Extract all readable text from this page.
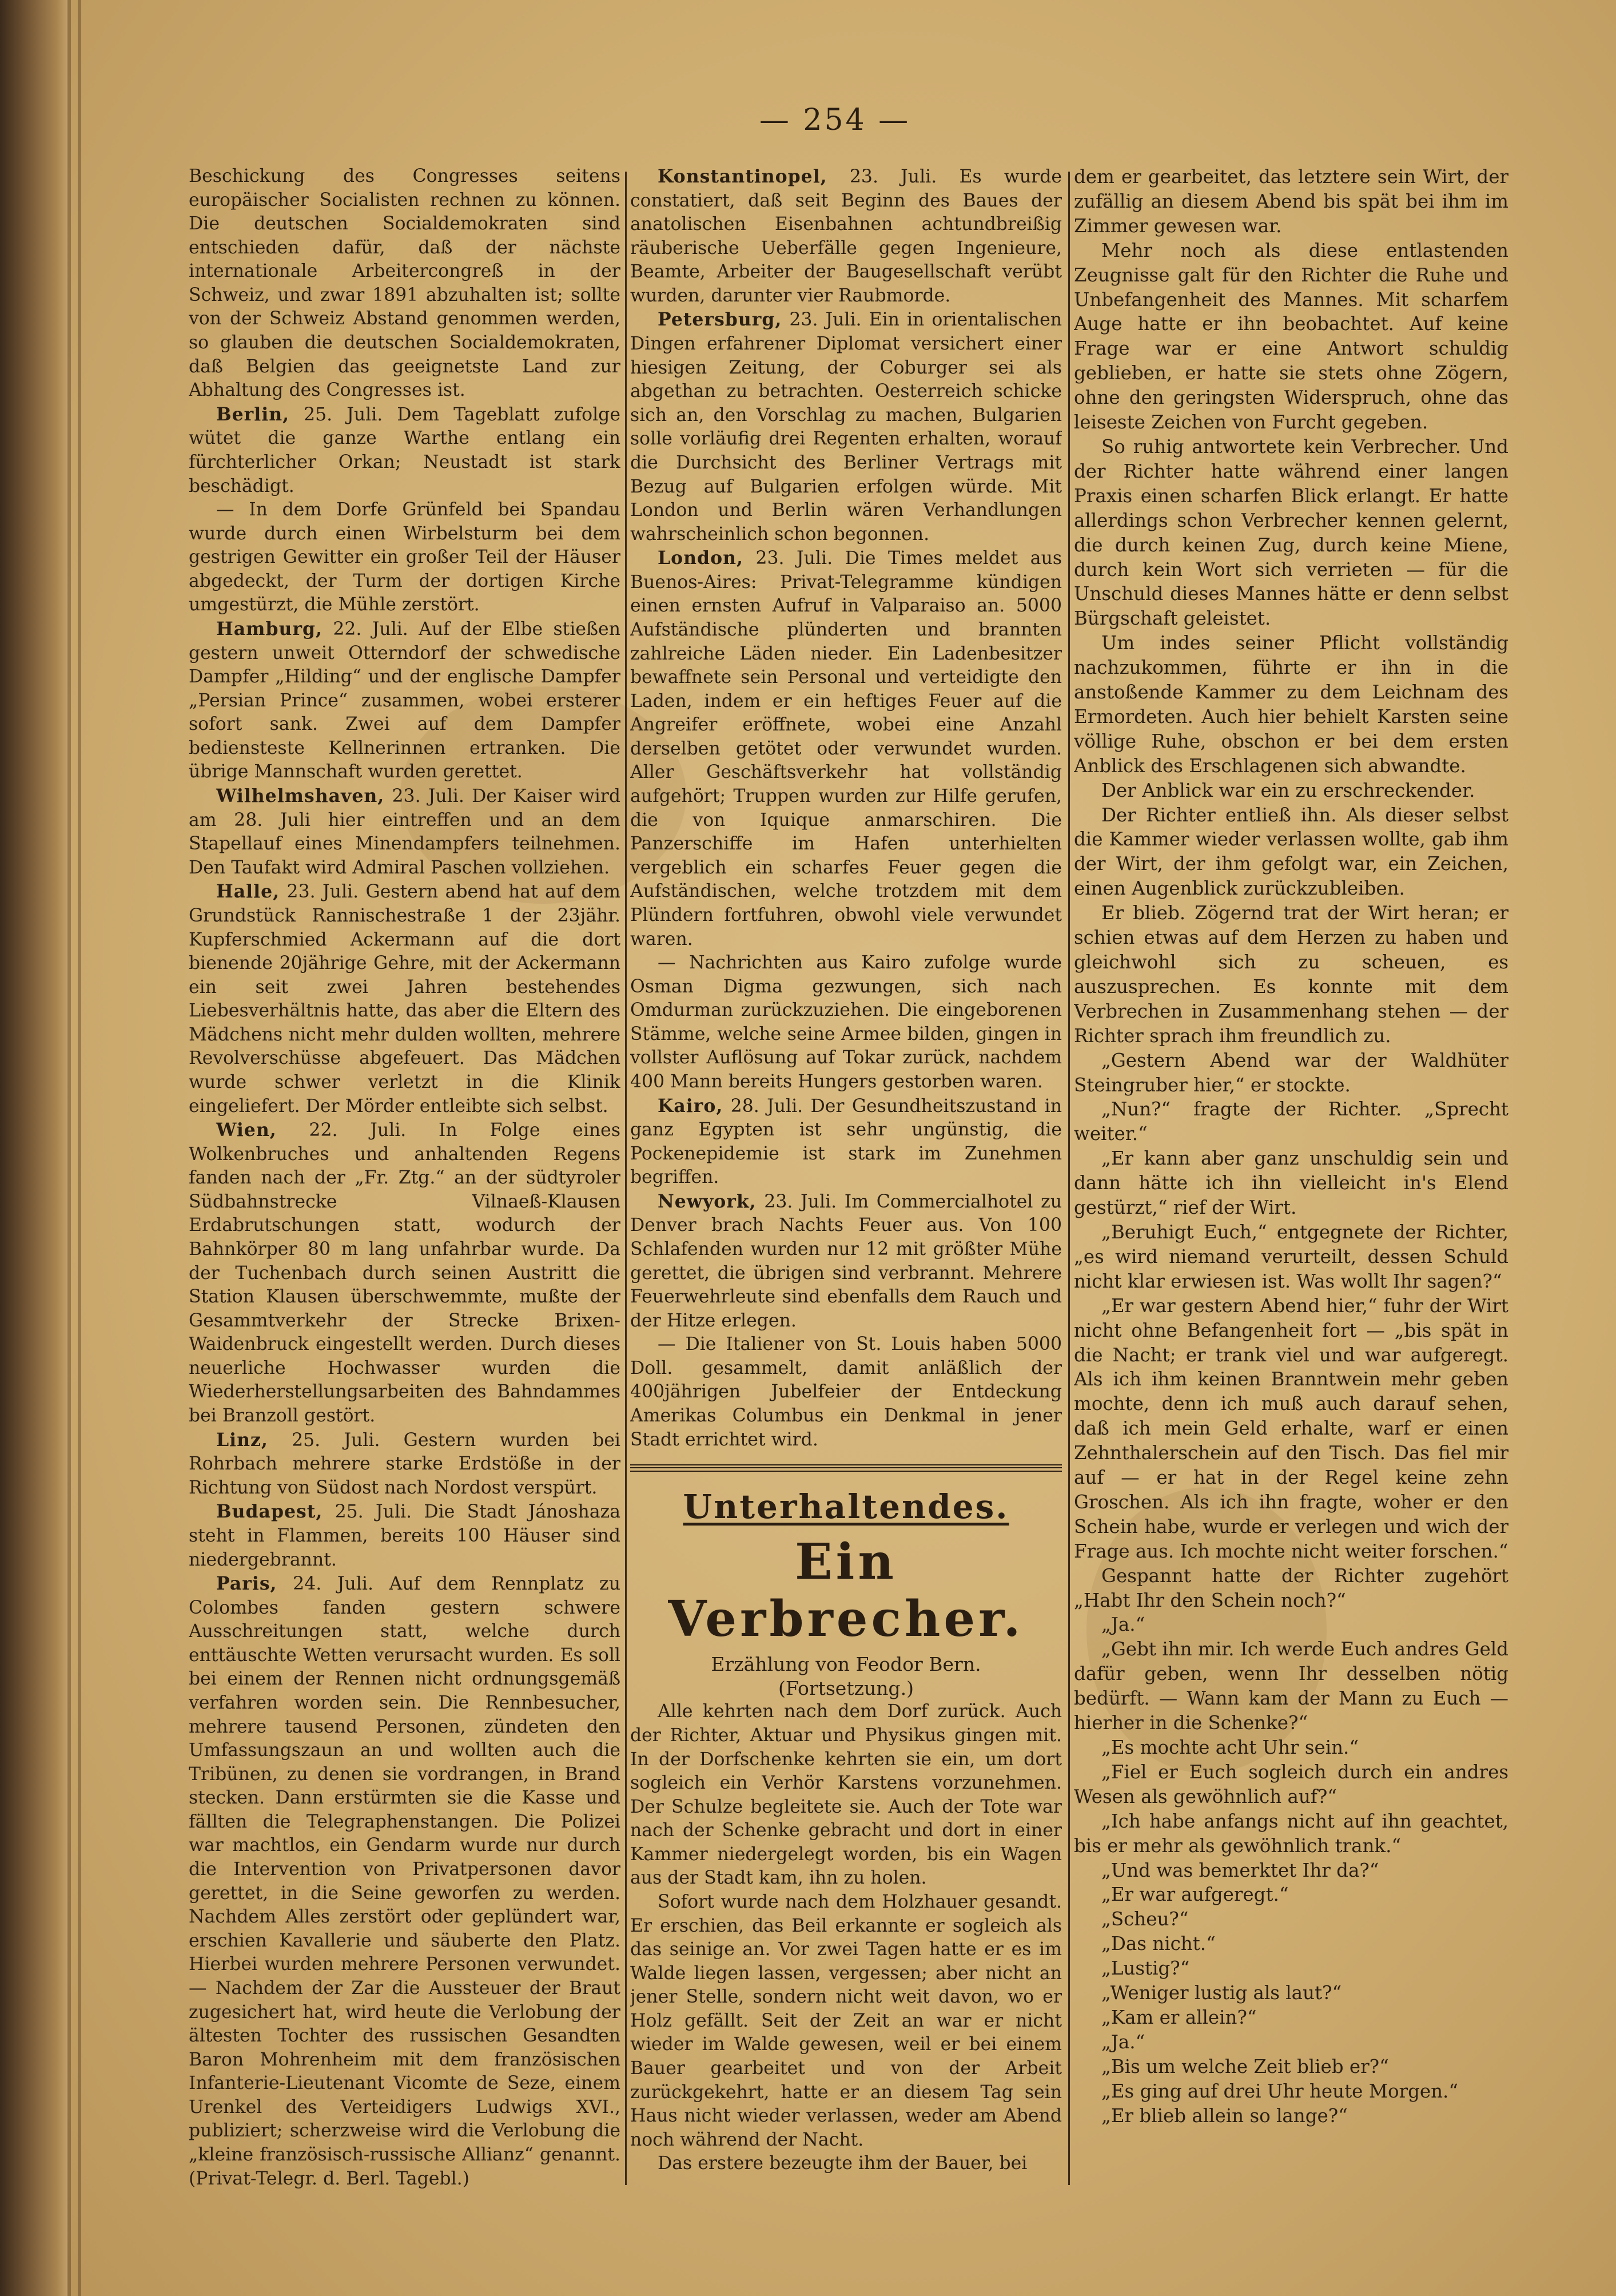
— 254 —

Beschickung des Congresses seitens europäischer Socialisten rechnen zu können. Die deutschen Socialdemokraten sind entschieden dafür, daß der nächste internationale Arbeitercongreß in der Schweiz, und zwar 1891 abzuhalten ist; sollte von der Schweiz Abstand genommen werden, so glauben die deutschen Socialdemokraten, daß Belgien das geeignetste Land zur Abhaltung des Congresses ist.

Berlin, 25. Juli. Dem Tageblatt zufolge wütet die ganze Warthe entlang ein fürchterlicher Orkan; Neustadt ist stark beschädigt.

— In dem Dorfe Grünfeld bei Spandau wurde durch einen Wirbelsturm bei dem gestrigen Gewitter ein großer Teil der Häuser abgedeckt, der Turm der dortigen Kirche umgestürzt, die Mühle zerstört.

Hamburg, 22. Juli. Auf der Elbe stießen gestern unweit Otterndorf der schwedische Dampfer „Hilding“ und der englische Dampfer „Persian Prince“ zusammen, wobei ersterer sofort sank. Zwei auf dem Dampfer bediensteste Kellnerinnen ertranken. Die übrige Mannschaft wurden gerettet.

Wilhelmshaven, 23. Juli. Der Kaiser wird am 28. Juli hier eintreffen und an dem Stapellauf eines Minendampfers teilnehmen. Den Taufakt wird Admiral Paschen vollziehen.

Halle, 23. Juli. Gestern abend hat auf dem Grundstück Rannischestraße 1 der 23jähr. Kupferschmied Ackermann auf die dort bienende 20jährige Gehre, mit der Ackermann ein seit zwei Jahren bestehendes Liebesverhältnis hatte, das aber die Eltern des Mädchens nicht mehr dulden wollten, mehrere Revolverschüsse abgefeuert. Das Mädchen wurde schwer verletzt in die Klinik eingeliefert. Der Mörder entleibte sich selbst.

Wien, 22. Juli. In Folge eines Wolkenbruches und anhaltenden Regens fanden nach der „Fr. Ztg.“ an der südtyroler Südbahnstrecke Vilnaeß-Klausen Erdabrutschungen statt, wodurch der Bahnkörper 80 m lang unfahrbar wurde. Da der Tuchenbach durch seinen Austritt die Station Klausen überschwemmte, mußte der Gesammtverkehr der Strecke Brixen-Waidenbruck eingestellt werden. Durch dieses neuerliche Hochwasser wurden die Wiederherstellungsarbeiten des Bahndammes bei Branzoll gestört.

Linz, 25. Juli. Gestern wurden bei Rohrbach mehrere starke Erdstöße in der Richtung von Südost nach Nordost verspürt.

Budapest, 25. Juli. Die Stadt Jánoshaza steht in Flammen, bereits 100 Häuser sind niedergebrannt.

Paris, 24. Juli. Auf dem Rennplatz zu Colombes fanden gestern schwere Ausschreitungen statt, welche durch enttäuschte Wetten verursacht wurden. Es soll bei einem der Rennen nicht ordnungsgemäß verfahren worden sein. Die Rennbesucher, mehrere tausend Personen, zündeten den Umfassungszaun an und wollten auch die Tribünen, zu denen sie vordrangen, in Brand stecken. Dann erstürmten sie die Kasse und fällten die Telegraphenstangen. Die Polizei war machtlos, ein Gendarm wurde nur durch die Intervention von Privatpersonen davor gerettet, in die Seine geworfen zu werden. Nachdem Alles zerstört oder geplündert war, erschien Kavallerie und säuberte den Platz. Hierbei wurden mehrere Personen verwundet. — Nachdem der Zar die Aussteuer der Braut zugesichert hat, wird heute die Verlobung der ältesten Tochter des russischen Gesandten Baron Mohrenheim mit dem französischen Infanterie-Lieutenant Vicomte de Seze, einem Urenkel des Verteidigers Ludwigs XVI., publiziert; scherzweise wird die Verlobung die „kleine französisch-russische Allianz“ genannt. (Privat-Telegr. d. Berl. Tagebl.)

Konstantinopel, 23. Juli. Es wurde constatiert, daß seit Beginn des Baues der anatolischen Eisenbahnen achtundbreißig räuberische Ueberfälle gegen Ingenieure, Beamte, Arbeiter der Baugesellschaft verübt wurden, darunter vier Raubmorde.

Petersburg, 23. Juli. Ein in orientalischen Dingen erfahrener Diplomat versichert einer hiesigen Zeitung, der Coburger sei als abgethan zu betrachten. Oesterreich schicke sich an, den Vorschlag zu machen, Bulgarien solle vorläufig drei Regenten erhalten, worauf die Durchsicht des Berliner Vertrags mit Bezug auf Bulgarien erfolgen würde. Mit London und Berlin wären Verhandlungen wahrscheinlich schon begonnen.

London, 23. Juli. Die Times meldet aus Buenos-Aires: Privat-Telegramme kündigen einen ernsten Aufruf in Valparaiso an. 5000 Aufständische plünderten und brannten zahlreiche Läden nieder. Ein Ladenbesitzer bewaffnete sein Personal und verteidigte den Laden, indem er ein heftiges Feuer auf die Angreifer eröffnete, wobei eine Anzahl derselben getötet oder verwundet wurden. Aller Geschäftsverkehr hat vollständig aufgehört; Truppen wurden zur Hilfe gerufen, die von Iquique anmarschiren. Die Panzerschiffe im Hafen unterhielten vergeblich ein scharfes Feuer gegen die Aufständischen, welche trotzdem mit dem Plündern fortfuhren, obwohl viele verwundet waren.

— Nachrichten aus Kairo zufolge wurde Osman Digma gezwungen, sich nach Omdurman zurückzuziehen. Die eingeborenen Stämme, welche seine Armee bilden, gingen in vollster Auflösung auf Tokar zurück, nachdem 400 Mann bereits Hungers gestorben waren.

Kairo, 28. Juli. Der Gesundheitszustand in ganz Egypten ist sehr ungünstig, die Pockenepidemie ist stark im Zunehmen begriffen.

Newyork, 23. Juli. Im Commercialhotel zu Denver brach Nachts Feuer aus. Von 100 Schlafenden wurden nur 12 mit größter Mühe gerettet, die übrigen sind verbrannt. Mehrere Feuerwehrleute sind ebenfalls dem Rauch und der Hitze erlegen.

— Die Italiener von St. Louis haben 5000 Doll. gesammelt, damit anläßlich der 400jährigen Jubelfeier der Entdeckung Amerikas Columbus ein Denkmal in jener Stadt errichtet wird.

Unterhaltendes.
Ein Verbrecher.

Erzählung von Feodor Bern.

(Fortsetzung.)

Alle kehrten nach dem Dorf zurück. Auch der Richter, Aktuar und Physikus gingen mit. In der Dorfschenke kehrten sie ein, um dort sogleich ein Verhör Karstens vorzunehmen. Der Schulze begleitete sie. Auch der Tote war nach der Schenke gebracht und dort in einer Kammer niedergelegt worden, bis ein Wagen aus der Stadt kam, ihn zu holen.

Sofort wurde nach dem Holzhauer gesandt. Er erschien, das Beil erkannte er sogleich als das seinige an. Vor zwei Tagen hatte er es im Walde liegen lassen, vergessen; aber nicht an jener Stelle, sondern nicht weit davon, wo er Holz gefällt. Seit der Zeit an war er nicht wieder im Walde gewesen, weil er bei einem Bauer gearbeitet und von der Arbeit zurückgekehrt, hatte er an diesem Tag sein Haus nicht wieder verlassen, weder am Abend noch während der Nacht.

Das erstere bezeugte ihm der Bauer, bei

dem er gearbeitet, das letztere sein Wirt, der zufällig an diesem Abend bis spät bei ihm im Zimmer gewesen war.

Mehr noch als diese entlastenden Zeugnisse galt für den Richter die Ruhe und Unbefangenheit des Mannes. Mit scharfem Auge hatte er ihn beobachtet. Auf keine Frage war er eine Antwort schuldig geblieben, er hatte sie stets ohne Zögern, ohne den geringsten Widerspruch, ohne das leiseste Zeichen von Furcht gegeben.

So ruhig antwortete kein Verbrecher. Und der Richter hatte während einer langen Praxis einen scharfen Blick erlangt. Er hatte allerdings schon Verbrecher kennen gelernt, die durch keinen Zug, durch keine Miene, durch kein Wort sich verrieten — für die Unschuld dieses Mannes hätte er denn selbst Bürgschaft geleistet.

Um indes seiner Pflicht vollständig nachzukommen, führte er ihn in die anstoßende Kammer zu dem Leichnam des Ermordeten. Auch hier behielt Karsten seine völlige Ruhe, obschon er bei dem ersten Anblick des Erschlagenen sich abwandte.

Der Anblick war ein zu erschreckender.

Der Richter entließ ihn. Als dieser selbst die Kammer wieder verlassen wollte, gab ihm der Wirt, der ihm gefolgt war, ein Zeichen, einen Augenblick zurückzubleiben.

Er blieb. Zögernd trat der Wirt heran; er schien etwas auf dem Herzen zu haben und gleichwohl sich zu scheuen, es auszusprechen. Es konnte mit dem Verbrechen in Zusammenhang stehen — der Richter sprach ihm freundlich zu.

„Gestern Abend war der Waldhüter Steingruber hier,“ er stockte.

„Nun?“ fragte der Richter. „Sprecht weiter.“

„Er kann aber ganz unschuldig sein und dann hätte ich ihn vielleicht in's Elend gestürzt,“ rief der Wirt.

„Beruhigt Euch,“ entgegnete der Richter, „es wird niemand verurteilt, dessen Schuld nicht klar erwiesen ist. Was wollt Ihr sagen?“

„Er war gestern Abend hier,“ fuhr der Wirt nicht ohne Befangenheit fort — „bis spät in die Nacht; er trank viel und war aufgeregt. Als ich ihm keinen Branntwein mehr geben mochte, denn ich muß auch darauf sehen, daß ich mein Geld erhalte, warf er einen Zehnthalerschein auf den Tisch. Das fiel mir auf — er hat in der Regel keine zehn Groschen. Als ich ihn fragte, woher er den Schein habe, wurde er verlegen und wich der Frage aus. Ich mochte nicht weiter forschen.“

Gespannt hatte der Richter zugehört „Habt Ihr den Schein noch?“

„Ja.“

„Gebt ihn mir. Ich werde Euch andres Geld dafür geben, wenn Ihr desselben nötig bedürft. — Wann kam der Mann zu Euch — hierher in die Schenke?“

„Es mochte acht Uhr sein.“

„Fiel er Euch sogleich durch ein andres Wesen als gewöhnlich auf?“

„Ich habe anfangs nicht auf ihn geachtet, bis er mehr als gewöhnlich trank.“

„Und was bemerktet Ihr da?“

„Er war aufgeregt.“

„Scheu?“

„Das nicht.“

„Lustig?“

„Weniger lustig als laut?“

„Kam er allein?“

„Ja.“

„Bis um welche Zeit blieb er?“

„Es ging auf drei Uhr heute Morgen.“

„Er blieb allein so lange?“
